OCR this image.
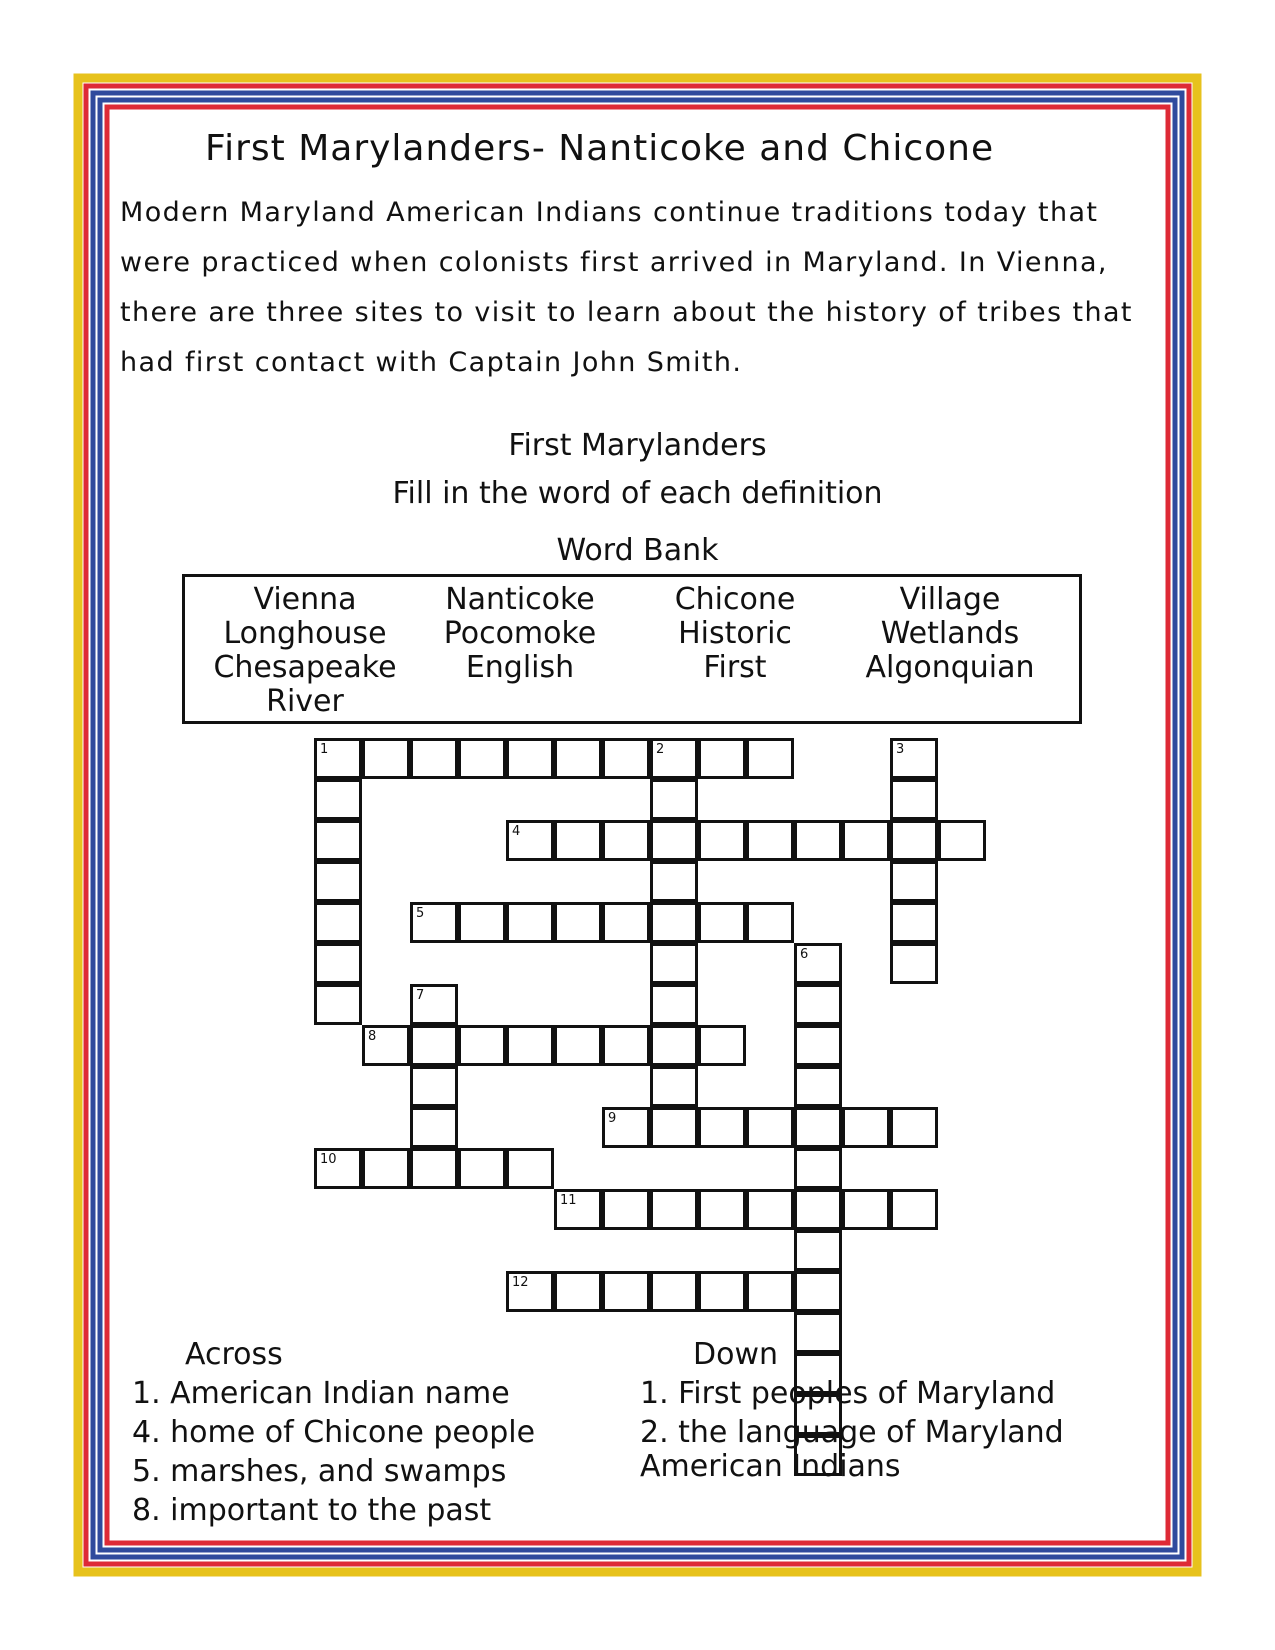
First Marylanders- Nanticoke and Chicone
Modern Maryland American Indians continue traditions today that
were practiced when colonists first arrived in Maryland. In Vienna,
there are three sites to visit to learn about the history of tribes that
had first contact with Captain John Smith.
First Marylanders
Fill in the word of each definition
Word Bank
Vienna
Longhouse
Chesapeake
River
Nanticoke
Pocomoke
English
Chicone
Historic
First
Village
Wetlands
Algonquian
1	2	3
4
5
6
7
8
9
10
11
12
Across
1. American Indian name
4. home of Chicone people
5. marshes, and swamps
8. important to the past
Down
1. First peoples of Maryland
2. the language of Maryland
American Indians
